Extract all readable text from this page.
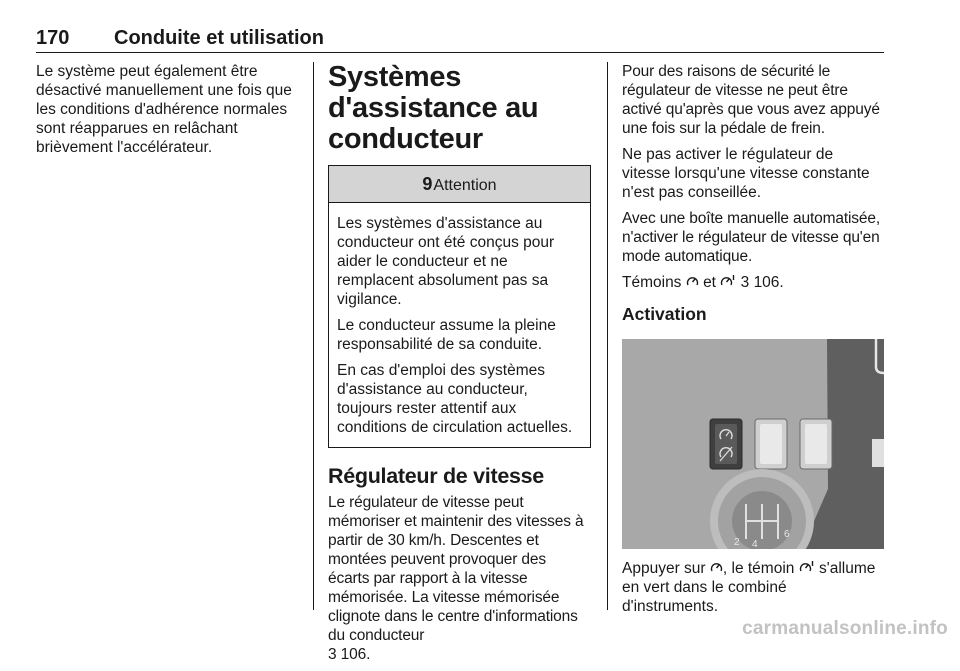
170 Conduite et utilisation

Le système peut également être désactivé manuellement une fois que les conditions d'adhérence normales sont réapparues en relâchant brièvement l'accélérateur.

Systèmes d'assistance au conducteur
9Attention

Les systèmes d'assistance au conducteur ont été conçus pour aider le conducteur et ne remplacent absolument pas sa vigilance.

Le conducteur assume la pleine responsabilité de sa conduite.

En cas d'emploi des systèmes d'assistance au conducteur, toujours rester attentif aux conditions de circulation actuelles.

Régulateur de vitesse

Le régulateur de vitesse peut mémoriser et maintenir des vitesses à partir de 30 km/h. Descentes et montées peuvent provoquer des écarts par rapport à la vitesse mémorisée. La vitesse mémorisée clignote dans le centre d'informations du conducteur
3 106.

Pour des raisons de sécurité le régulateur de vitesse ne peut être activé qu'après que vous avez appuyé une fois sur la pédale de frein.

Ne pas activer le régulateur de vitesse lorsqu'une vitesse constante n'est pas conseillée.

Avec une boîte manuelle automatisée, n'activer le régulateur de vitesse qu'en mode automatique.

Témoins et 3 106.

Activation
2 4
6

Appuyer sur , le témoin s'allume en vert dans le combiné d'instruments.

carmanualsonline.info
